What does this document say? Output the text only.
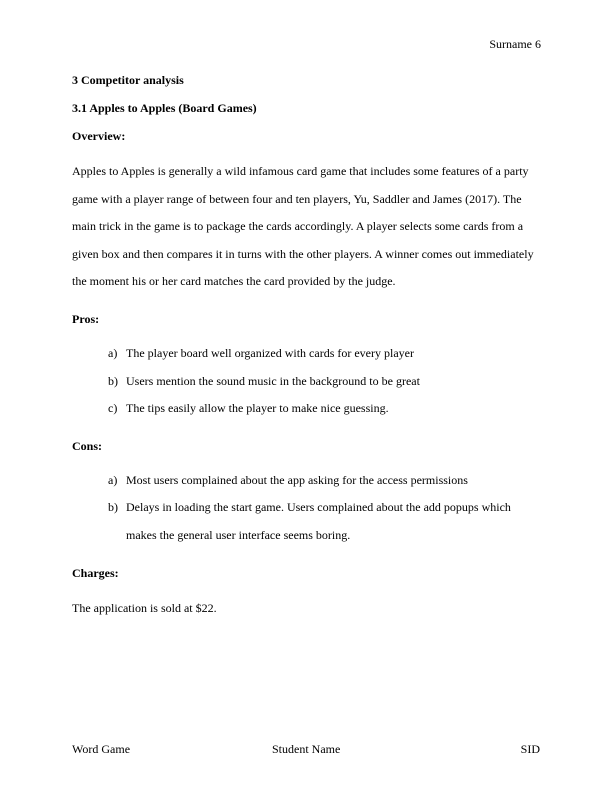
Surname 6

3 Competitor analysis

3.1 Apples to Apples (Board Games)

Overview:

Apples to Apples is generally a wild infamous card game that includes some features of a party game with a player range of between four and ten players, Yu, Saddler and James (2017). The main trick in the game is to package the cards accordingly. A player selects some cards from a given box and then compares it in turns with the other players. A winner comes out immediately the moment his or her card matches the card provided by the judge.

Pros:

a) The player board well organized with cards for every player
b) Users mention the sound music in the background to be great
c) The tips easily allow the player to make nice guessing.

Cons:

a) Most users complained about the app asking for the access permissions
b) Delays in loading the start game. Users complained about the add popups which makes the general user interface seems boring.

Charges:

The application is sold at $22.

Word Game	Student Name	SID
